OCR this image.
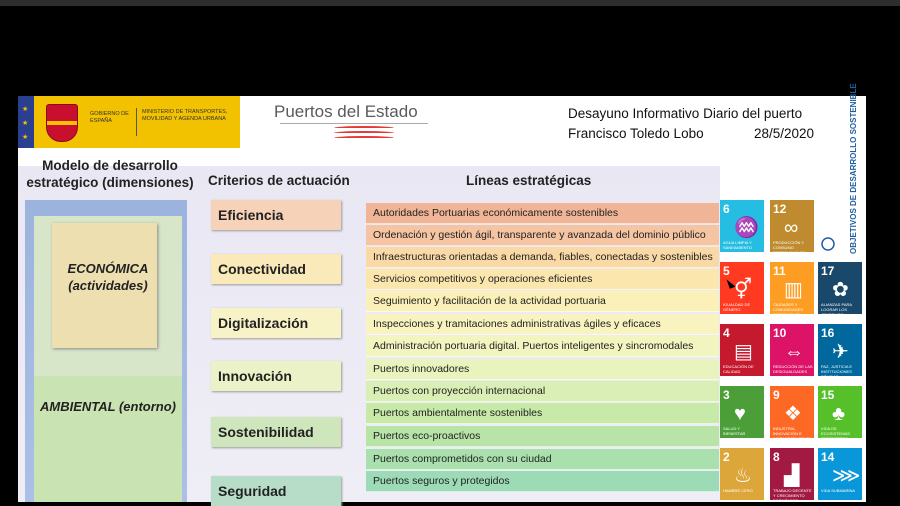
★
★
★
GOBIERNO DE ESPAÑA
MINISTERIO DE TRANSPORTES, MOVILIDAD Y AGENDA URBANA	Puertos del Estado	Desayuno Informativo Diario del puerto
Francisco Toledo Lobo	28/5/2020
Modelo de desarrollo estratégico (dimensiones)	Criterios de actuación	Líneas estratégicas
ECONÓMICA (actividades)
AMBIENTAL (entorno)
Eficiencia
Conectividad
Digitalización
Innovación
Sostenibilidad
Seguridad
Autoridades Portuarias económicamente sostenibles
Ordenación y gestión ágil, transparente y avanzada del dominio público
Infraestructuras orientadas a demanda, fiables, conectadas y sostenibles
Servicios competitivos y operaciones eficientes
Seguimiento y facilitación de la actividad portuaria
Inspecciones y tramitaciones administrativas ágiles y eficaces
Administración portuaria digital. Puertos inteligentes y sincromodales
Puertos innovadores
Puertos con proyección internacional
Puertos ambientalmente sostenibles
Puertos eco-proactivos
Puertos comprometidos con su ciudad
Puertos seguros y protegidos
6
♒
AGUA LIMPIA Y SANEAMIENTO
12
∞
PRODUCCIÓN Y CONSUMO RESPONSABLES
5
⚥
IGUALDAD DE GÉNERO
11
▥
CIUDADES Y COMUNIDADES SOSTENIBLES
17
✿
ALIANZAS PARA LOGRAR LOS OBJETIVOS
4
▤
EDUCACIÓN DE CALIDAD
10
⇔
REDUCCIÓN DE LAS DESIGUALDADES
16
✈
PAZ, JUSTICIA E INSTITUCIONES SÓLIDAS
3
♥
SALUD Y BIENESTAR
9
❖
INDUSTRIA, INNOVACIÓN E INFRAESTRUCTURA
15
♣
VIDA DE ECOSISTEMAS TERRESTRES
2
♨
HAMBRE CERO
8
▟
TRABAJO DECENTE Y CRECIMIENTO ECONÓMICO
14
⋙
VIDA SUBMARINA
OBJETIVOS DE DESARROLLO SOSTENIBLE
